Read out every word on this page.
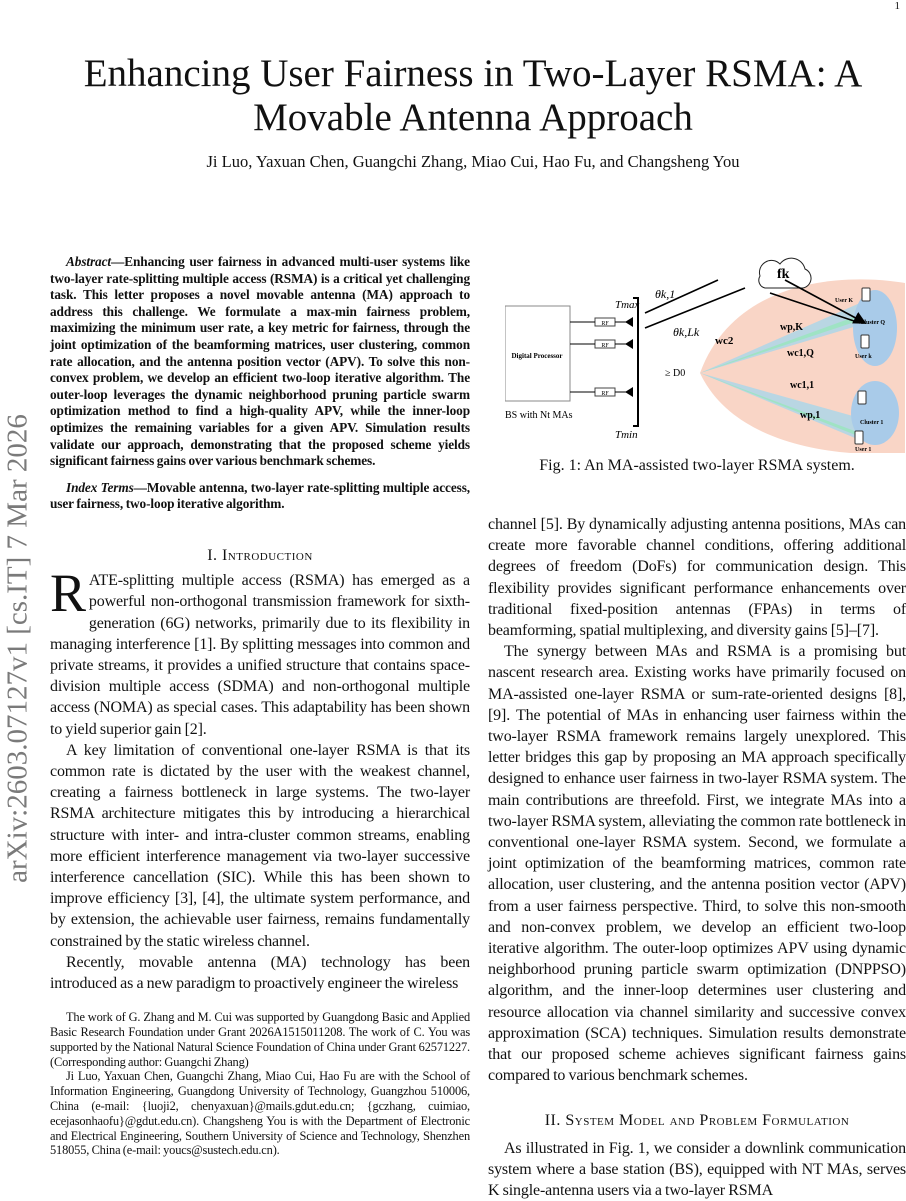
1
arXiv:2603.07127v1 [cs.IT] 7 Mar 2026
Enhancing User Fairness in Two-Layer RSMA: A Movable Antenna Approach
Ji Luo, Yaxuan Chen, Guangchi Zhang, Miao Cui, Hao Fu, and Changsheng You

Abstract—Enhancing user fairness in advanced multi-user systems like two-layer rate-splitting multiple access (RSMA) is a critical yet challenging task. This letter proposes a novel movable antenna (MA) approach to address this challenge. We formulate a max-min fairness problem, maximizing the minimum user rate, a key metric for fairness, through the joint optimization of the beamforming matrices, user clustering, common rate allocation, and the antenna position vector (APV). To solve this non-convex problem, we develop an efficient two-loop iterative algorithm. The outer-loop leverages the dynamic neighborhood pruning particle swarm optimization method to find a high-quality APV, while the inner-loop optimizes the remaining variables for a given APV. Simulation results validate our approach, demonstrating that the proposed scheme yields significant fairness gains over various benchmark schemes.

Index Terms—Movable antenna, two-layer rate-splitting multiple access, user fairness, two-loop iterative algorithm.

I. Introduction

RATE-splitting multiple access (RSMA) has emerged as a powerful non-orthogonal transmission framework for sixth-generation (6G) networks, primarily due to its flexibility in managing interference [1]. By splitting messages into common and private streams, it provides a unified structure that contains space-division multiple access (SDMA) and non-orthogonal multiple access (NOMA) as special cases. This adaptability has been shown to yield superior gain [2].

A key limitation of conventional one-layer RSMA is that its common rate is dictated by the user with the weakest channel, creating a fairness bottleneck in large systems. The two-layer RSMA architecture mitigates this by introducing a hierarchical structure with inter- and intra-cluster common streams, enabling more efficient interference management via two-layer successive interference cancellation (SIC). While this has been shown to improve efficiency [3], [4], the ultimate system performance, and by extension, the achievable user fairness, remains fundamentally constrained by the static wireless channel.

Recently, movable antenna (MA) technology has been introduced as a new paradigm to proactively engineer the wireless

The work of G. Zhang and M. Cui was supported by Guangdong Basic and Applied Basic Research Foundation under Grant 2026A1515011208. The work of C. You was supported by the National Natural Science Foundation of China under Grant 62571227. (Corresponding author: Guangchi Zhang)

Ji Luo, Yaxuan Chen, Guangchi Zhang, Miao Cui, Hao Fu are with the School of Information Engineering, Guangdong University of Technology, Guangzhou 510006, China (e-mail: {luoji2, chenyaxuan}@mails.gdut.edu.cn; {gczhang, cuimiao, ecejasonhaofu}@gdut.edu.cn). Changsheng You is with the Department of Electronic and Electrical Engineering, Southern University of Science and Technology, Shenzhen 518055, China (e-mail: youcs@sustech.edu.cn).

fk
Digital Processor
RF
RF
RF
Tmax
Tmin
BS with Nt MAs
≥ D0
θk,1
θk,Lk
wc2
wp,K
wc1,Q
wc1,1
wp,1
User K
Cluster Q
User k
Cluster 1
User 1
Fig. 1: An MA-assisted two-layer RSMA system.

channel [5]. By dynamically adjusting antenna positions, MAs can create more favorable channel conditions, offering additional degrees of freedom (DoFs) for communication design. This flexibility provides significant performance enhancements over traditional fixed-position antennas (FPAs) in terms of beamforming, spatial multiplexing, and diversity gains [5]–[7].

The synergy between MAs and RSMA is a promising but nascent research area. Existing works have primarily focused on MA-assisted one-layer RSMA or sum-rate-oriented designs [8], [9]. The potential of MAs in enhancing user fairness within the two-layer RSMA framework remains largely unexplored. This letter bridges this gap by proposing an MA approach specifically designed to enhance user fairness in two-layer RSMA system. The main contributions are threefold. First, we integrate MAs into a two-layer RSMA system, alleviating the common rate bottleneck in conventional one-layer RSMA system. Second, we formulate a joint optimization of the beamforming matrices, common rate allocation, user clustering, and the antenna position vector (APV) from a user fairness perspective. Third, to solve this non-smooth and non-convex problem, we develop an efficient two-loop iterative algorithm. The outer-loop optimizes APV using dynamic neighborhood pruning particle swarm optimization (DNPPSO) algorithm, and the inner-loop determines user clustering and resource allocation via channel similarity and successive convex approximation (SCA) techniques. Simulation results demonstrate that our proposed scheme achieves significant fairness gains compared to various benchmark schemes.

II. System Model and Problem Formulation

As illustrated in Fig. 1, we consider a downlink communication system where a base station (BS), equipped with NT MAs, serves K single-antenna users via a two-layer RSMA
